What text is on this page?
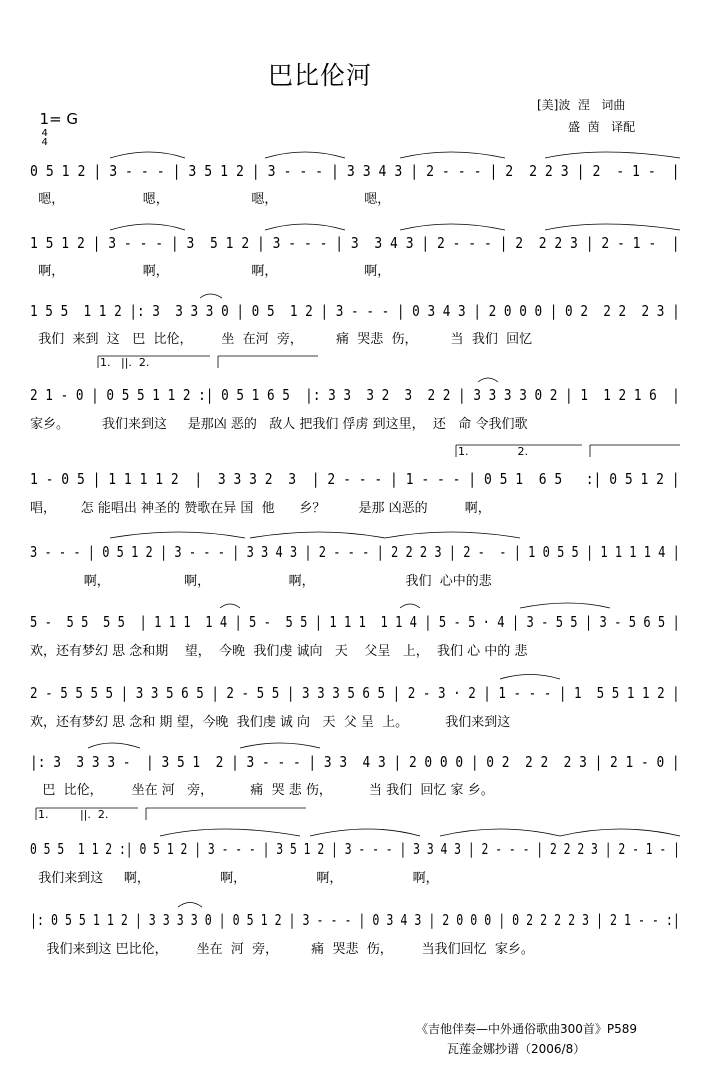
巴比伦河

1= G
4
4

[美]波  涅   词曲
盛  茵   译配
0 5 1 2 | 3 - - - | 3 5 1 2 | 3 - - - | 3 3 4 3 | 2 - - - | 2  2 2 3 | 2  - 1 -  |
嗯，                   嗯，                    嗯，                     嗯，
1 5 1 2 | 3 - - - | 3  5 1 2 | 3 - - - | 3  3 4 3 | 2 - - - | 2  2 2 3 | 2 - 1 -  |
啊，                   啊，                    啊，                     啊，
1 5 5  1 1 2 |: 3  3 3 3 0 | 0 5  1 2 | 3 - - - | 0 3 4 3 | 2 0 0 0 | 0 2  2 2  2 3 |
我们  来到  这   巴  比伦，       坐  在河  旁，        痛  哭悲  伤，        当  我们  回忆
1.   ||.  2.
2 1 - 0 | 0 5 5 1 1 2 :| 0 5 1 6 5  |: 3 3  3 2  3  2 2 | 3 3 3 3 0 2 | 1  1 2 1 6  |
家乡。        我们来到这     是那凶 恶的   敌人 把我们 俘虏 到这里，  还   命 令我们歌
1.              2.
1 - 0 5 | 1 1 1 1 2  |  3 3 3 2  3  | 2 - - - | 1 - - - | 0 5 1  6 5   :| 0 5 1 2 |
唱，      怎 能唱出 神圣的 赞歌在异 国  他      乡？        是那 凶恶的         啊，
3 - - - | 0 5 1 2 | 3 - - - | 3 3 4 3 | 2 - - - | 2 2 2 3 | 2 -  - | 1 0 5 5 | 1 1 1 1 4 |
啊，                  啊，                   啊，                      我们  心中的悲
5 -  5 5  5 5  | 1 1 1  1 4 | 5 -  5 5 | 1 1 1  1 1 4 | 5 - 5 · 4 | 3 - 5 5 | 3 - 5 6 5 |
欢，还有梦幻 思 念和期    望，  今晚  我们虔 诚向   天    父呈   上，  我们 心 中的 悲
2 - 5 5 5 5 | 3 3 5 6 5 | 2 - 5 5 | 3 3 3 5 6 5 | 2 - 3 · 2 | 1 - - - | 1  5 5 1 1 2 |
欢，还有梦幻 思 念和 期 望，今晚  我们虔 诚 向   天  父 呈  上。         我们来到这
|: 3  3 3 3 -  | 3 5 1  2 | 3 - - - | 3 3  4 3 | 2 0 0 0 | 0 2  2 2  2 3 | 2 1 - 0 |
巴  比伦，       坐在 河   旁，         痛  哭 悲 伤，         当 我们  回忆 家 乡。
1.         ||.  2.
0 5 5  1 1 2 :| 0 5 1 2 | 3 - - - | 3 5 1 2 | 3 - - - | 3 3 4 3 | 2 - - - | 2 2 2 3 | 2 - 1 - |
我们来到这     啊，                 啊，                 啊，                 啊，
|: 0 5 5 1 1 2 | 3 3 3 3 0 | 0 5 1 2 | 3 - - - | 0 3 4 3 | 2 0 0 0 | 0 2 2 2 2 3 | 2 1 - - :|
我们来到这 巴比伦，       坐在  河  旁，        痛  哭悲  伤，       当我们回忆  家乡。
《吉他伴奏—中外通俗歌曲300首》P589
瓦莲金娜抄谱（2006/8）
